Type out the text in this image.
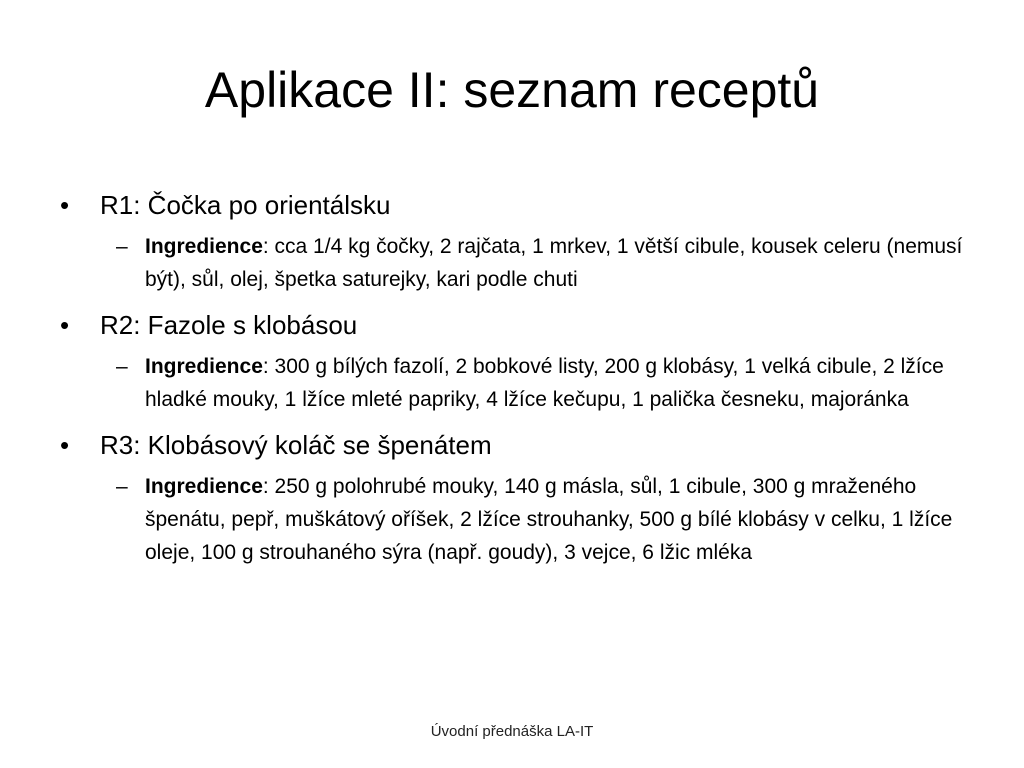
Aplikace II: seznam receptů
• R1: Čočka po orientálsku
– Ingredience: cca 1/4 kg čočky, 2 rajčata, 1 mrkev, 1 větší cibule, kousek celeru (nemusí být), sůl, olej, špetka saturejky, kari podle chuti
• R2: Fazole s klobásou
– Ingredience: 300 g bílých fazolí, 2 bobkové listy, 200 g klobásy, 1 velká cibule, 2 lžíce hladké mouky, 1 lžíce mleté papriky, 4 lžíce kečupu, 1 palička česneku, majoránka
• R3: Klobásový koláč se špenátem
– Ingredience: 250 g polohrubé mouky, 140 g másla, sůl, 1 cibule, 300 g mraženého špenátu, pepř, muškátový oříšek, 2 lžíce strouhanky, 500 g bílé klobásy v celku, 1 lžíce oleje, 100 g strouhaného sýra (např. goudy), 3 vejce, 6 lžic mléka
Úvodní přednáška LA-IT
